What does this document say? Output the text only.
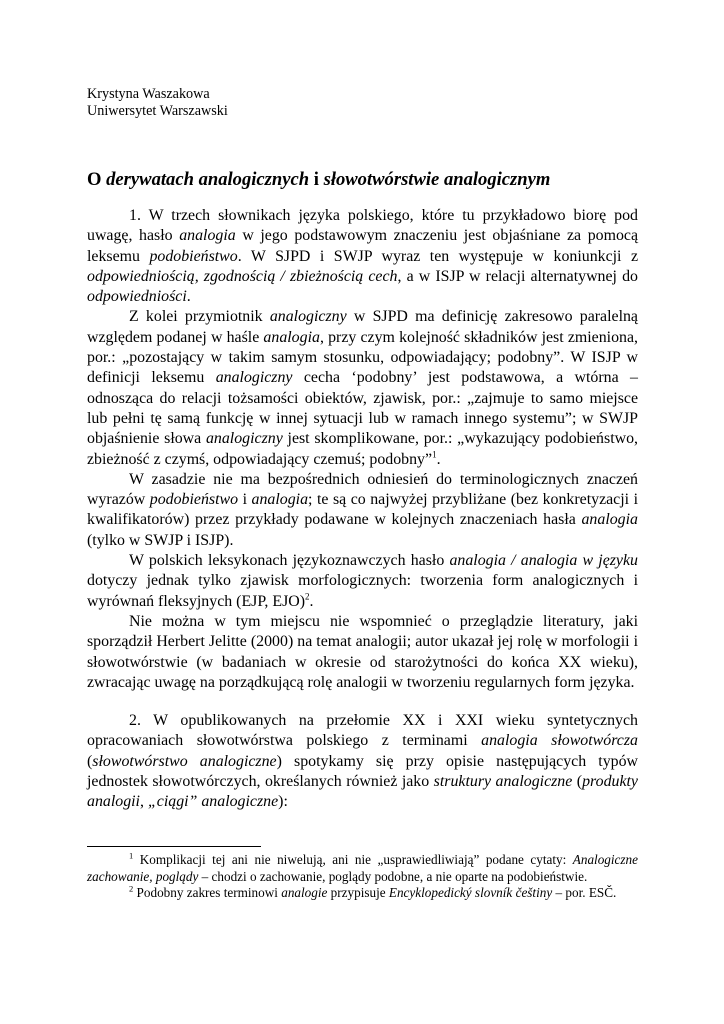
Krystyna Waszakowa
Uniwersytet Warszawski
O derywatach analogicznych i słowotwórstwie analogicznym

1. W trzech słownikach języka polskiego, które tu przykładowo biorę pod uwagę, hasło analogia w jego podstawowym znaczeniu jest objaśniane za pomocą leksemu podobieństwo. W SJPD i SWJP wyraz ten występuje w koniunkcji z odpowiedniością, zgodnością / zbieżnością cech, a w ISJP w relacji alternatywnej do odpowiedniości.

Z kolei przymiotnik analogiczny w SJPD ma definicję zakresowo paralelną względem podanej w haśle analogia, przy czym kolejność składników jest zmieniona, por.: „pozostający w takim samym stosunku, odpowiadający; podobny”. W ISJP w definicji leksemu analogiczny cecha ‘podobny’ jest podstawowa, a wtórna – odnosząca do relacji tożsamości obiektów, zjawisk, por.: „zajmuje to samo miejsce lub pełni tę samą funkcję w innej sytuacji lub w ramach innego systemu”; w SWJP objaśnienie słowa analogiczny jest skomplikowane, por.: „wykazujący podobieństwo, zbieżność z czymś, odpowiadający czemuś; podobny”$^1$.

W zasadzie nie ma bezpośrednich odniesień do terminologicznych znaczeń wyrazów podobieństwo i analogia; te są co najwyżej przybliżane (bez konkretyzacji i kwalifikatorów) przez przykłady podawane w kolejnych znaczeniach hasła analogia (tylko w SWJP i ISJP).

W polskich leksykonach językoznawczych hasło analogia / analogia w języku dotyczy jednak tylko zjawisk morfologicznych: tworzenia form analogicznych i wyrównań fleksyjnych (EJP, EJO)$^2$.

Nie można w tym miejscu nie wspomnieć o przeglądzie literatury, jaki sporządził Herbert Jelitte (2000) na temat analogii; autor ukazał jej rolę w morfologii i słowotwórstwie (w badaniach w okresie od starożytności do końca XX wieku), zwracając uwagę na porządkującą rolę analogii w tworzeniu regularnych form języka.

2. W opublikowanych na przełomie XX i XXI wieku syntetycznych opracowaniach słowotwórstwa polskiego z terminami analogia słowotwórcza (słowotwórstwo analogiczne) spotykamy się przy opisie następujących typów jednostek słowotwórczych, określanych również jako struktury analogiczne (produkty analogii, „ciągi” analogiczne):

$^1$ Komplikacji tej ani nie niwelują, ani nie „usprawiedliwiają” podane cytaty: Analogiczne zachowanie, poglądy – chodzi o zachowanie, poglądy podobne, a nie oparte na podobieństwie.

$^2$ Podobny zakres terminowi analogie przypisuje Encyklopedický slovník češtiny – por. ESČ.
